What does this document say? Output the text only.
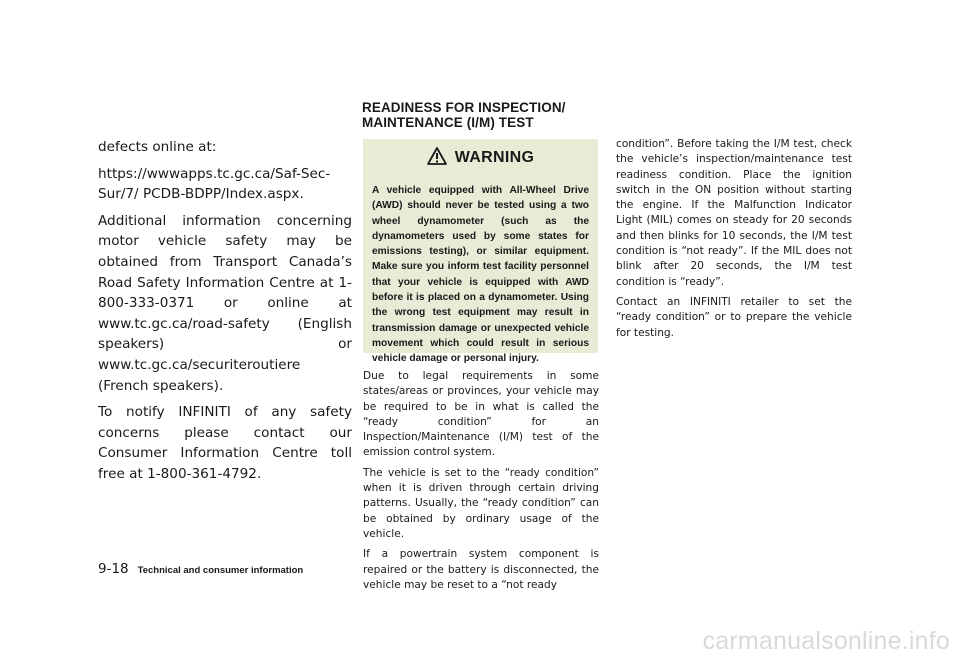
defects online at:

https://wwwapps.tc.gc.ca/Saf-Sec-Sur/7/ PCDB-BDPP/Index.aspx.

Additional information concerning motor vehicle safety may be obtained from Transport Canada’s Road Safety Information Centre at 1-800-333-0371 or online at www.tc.gc.ca/road-safety (English speakers) or www.tc.gc.ca/securiteroutiere (French speakers).

To notify INFINITI of any safety concerns please contact our Consumer Information Centre toll free at 1-800-361-4792.

READINESS FOR INSPECTION/
MAINTENANCE (I/M) TEST
WARNING
A vehicle equipped with All-Wheel Drive (AWD) should never be tested using a two wheel dynamometer (such as the dynamometers used by some states for emissions testing), or similar equipment. Make sure you inform test facility personnel that your vehicle is equipped with AWD before it is placed on a dynamometer. Using the wrong test equipment may result in transmission damage or unexpected vehicle movement which could result in serious vehicle damage or personal injury.

Due to legal requirements in some states/areas or provinces, your vehicle may be required to be in what is called the “ready condition” for an Inspection/Maintenance (I/M) test of the emission control system.

The vehicle is set to the “ready condition” when it is driven through certain driving patterns. Usually, the “ready condition” can be obtained by ordinary usage of the vehicle.

If a powertrain system component is repaired or the battery is disconnected, the vehicle may be reset to a “not ready

condition”. Before taking the I/M test, check the vehicle’s inspection/maintenance test readiness condition. Place the ignition switch in the ON position without starting the engine. If the Malfunction Indicator Light (MIL) comes on steady for 20 seconds and then blinks for 10 seconds, the I/M test condition is “not ready”. If the MIL does not blink after 20 seconds, the I/M test condition is “ready”.

Contact an INFINITI retailer to set the “ready condition” or to prepare the vehicle for testing.

9-18 Technical and consumer information
carmanualsonline.info
